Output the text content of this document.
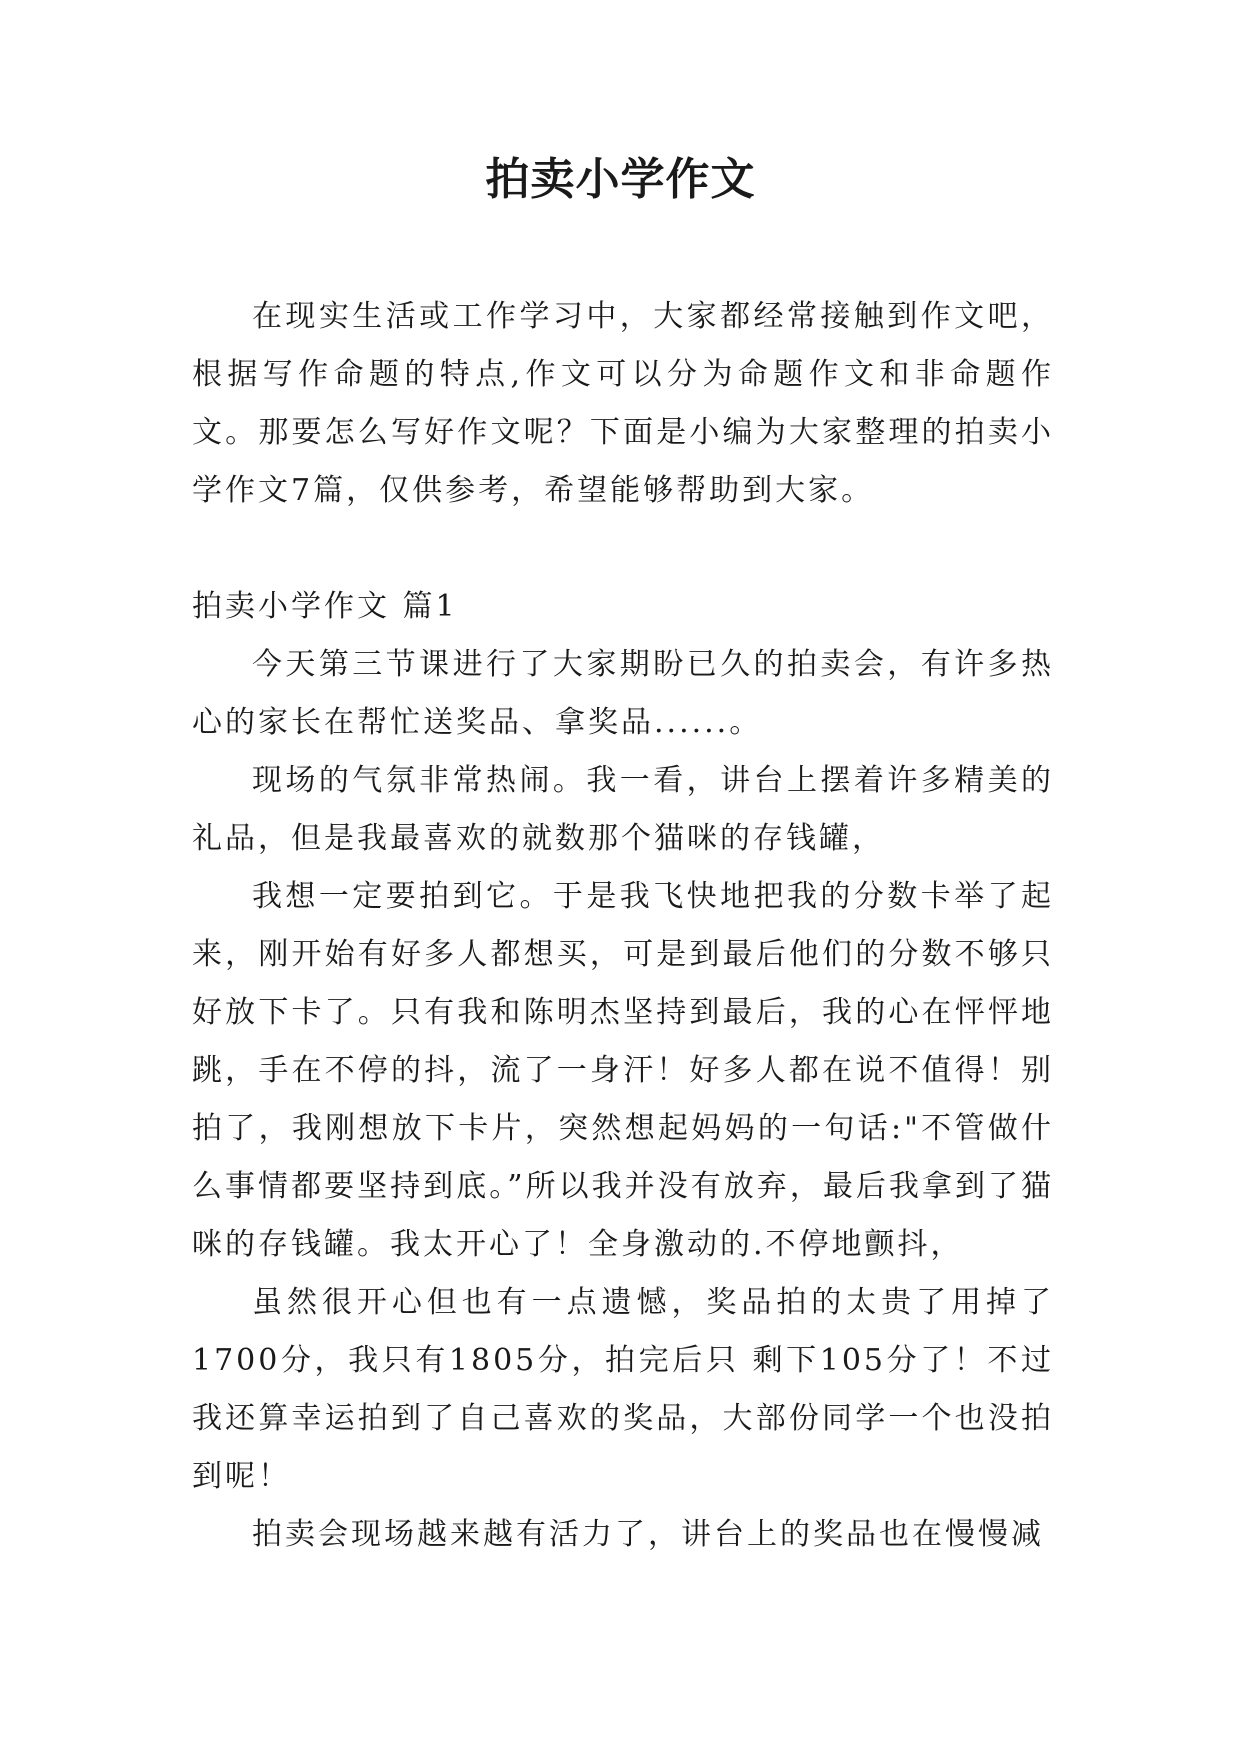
拍卖小学作文

在现实生活或工作学习中，大家都经常接触到作文吧，根据写作命题的特点,作文可以分为命题作文和非命题作文。那要怎么写好作文呢？下面是小编为大家整理的拍卖小学作文7篇，仅供参考，希望能够帮助到大家。

拍卖小学作文 篇1

今天第三节课进行了大家期盼已久的拍卖会，有许多热心的家长在帮忙送奖品、拿奖品......。

现场的气氛非常热闹。我一看，讲台上摆着许多精美的礼品，但是我最喜欢的就数那个猫咪的存钱罐，

我想一定要拍到它。于是我飞快地把我的分数卡举了起来，刚开始有好多人都想买，可是到最后他们的分数不够只好放下卡了。只有我和陈明杰坚持到最后，我的心在怦怦地跳，手在不停的抖，流了一身汗！好多人都在说不值得！别拍了，我刚想放下卡片，突然想起妈妈的一句话:"不管做什么事情都要坚持到底。”所以我并没有放弃，最后我拿到了猫咪的存钱罐。我太开心了！全身激动的.不停地颤抖，

虽然很开心但也有一点遗憾，奖品拍的太贵了用掉了1700分，我只有1805分，拍完后只 剩下105分了！不过我还算幸运拍到了自己喜欢的奖品，大部份同学一个也没拍到呢！

拍卖会现场越来越有活力了，讲台上的奖品也在慢慢减
